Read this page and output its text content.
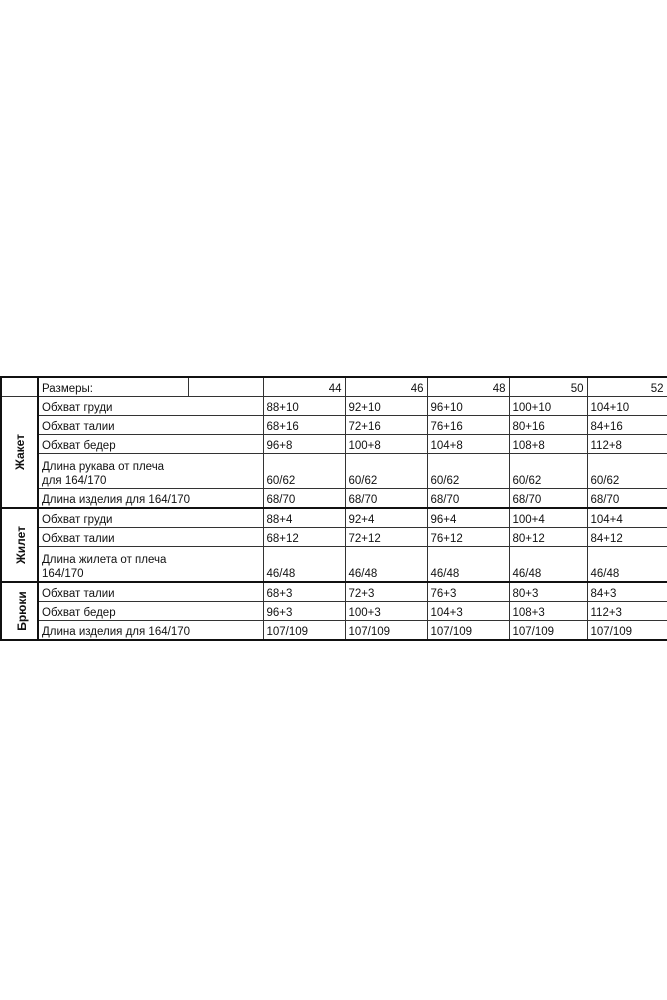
	Размеры:		44	46	48	50	52
Жакет	Обхват груди		88+10	92+10	96+10	100+10	104+10
	Обхват талии		68+16	72+16	76+16	80+16	84+16
	Обхват бедер		96+8	100+8	104+8	108+8	112+8

	Длина рукава от плеча
для 164/170		60/62	60/62	60/62	60/62	60/62
	Длина изделия для 164/170		68/70	68/70	68/70	68/70	68/70
Жилет	Обхват груди		88+4	92+4	96+4	100+4	104+4
	Обхват талии		68+12	72+12	76+12	80+12	84+12

	Длина жилета от плеча
164/170		46/48	46/48	46/48	46/48	46/48
Брюки	Обхват талии		68+3	72+3	76+3	80+3	84+3
	Обхват бедер		96+3	100+3	104+3	108+3	112+3
	Длина изделия для 164/170		107/109	107/109	107/109	107/109	107/109
